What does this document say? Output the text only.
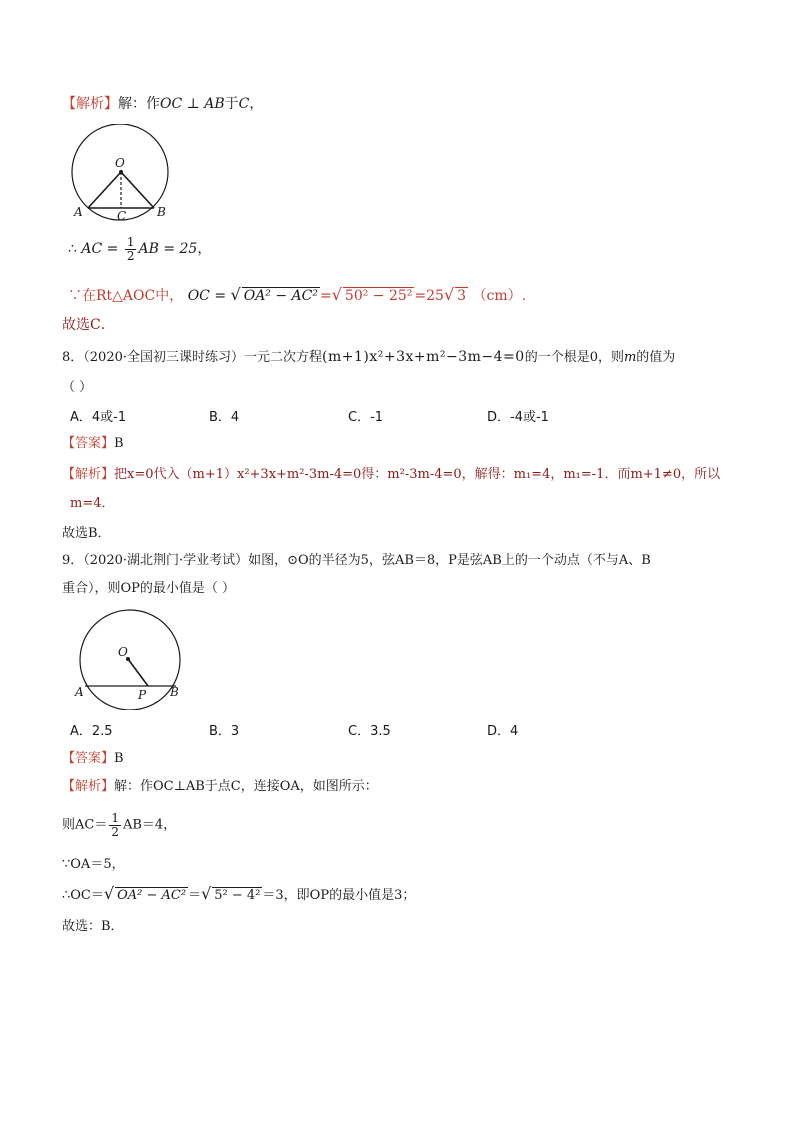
【解析】解：作OC ⊥ AB于C，
O
A	B
C
∴ AC = $\frac{1}{2}$ AB = 25，
∵在Rt△AOC中， OC = √ OA² − AC² =√ 50² − 25² =25√ 3 （cm）.
故选C．
8．（2020·全国初三课时练习）一元二次方程(m+1)x²+3x+m²−3m−4=0的一个根是0，则m的值为
（ ）
A．4或-1	B．4	C．-1	D．-4或-1
【答案】B
【解析】把x=0代入（m+1）x²+3x+m²-3m-4=0得：m²-3m-4=0，解得：m₁=4，m₁=-1．而m+1≠0，所以
m=4．
故选B．
9．（2020·湖北荆门·学业考试）如图，⊙O的半径为5，弦AB＝8，P是弦AB上的一个动点（不与A、B
重合），则OP的最小值是（ ）
O
A	B
P
A．2.5	B．3	C．3.5	D．4
【答案】B
【解析】解：作OC⊥AB于点C，连接OA，如图所示：
则$AC= \frac{1}{2} AB=4$，
∵OA＝5，
∴OC＝√ OA² − AC² ＝√ 5² − 4² ＝3，即OP的最小值是3；
故选：B．
